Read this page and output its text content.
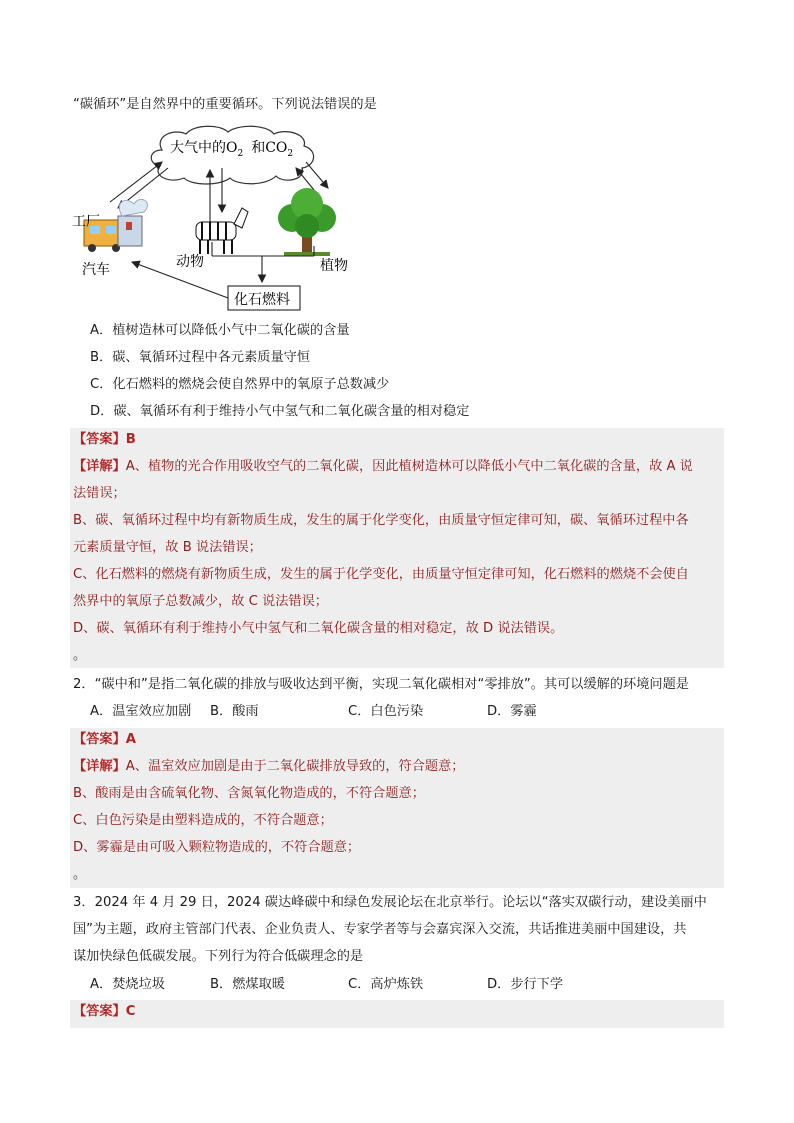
“碳循环”是自然界中的重要循环。下列说法错误的是
大气中的$O_2$ 和$CO_2$
工厂
汽车	动物	植物
化石燃料
A．植树造林可以降低小气中二氧化碳的含量
B．碳、氧循环过程中各元素质量守恒
C．化石燃料的燃烧会使自然界中的氧原子总数减少
D．碳、氧循环有利于维持小气中氢气和二氧化碳含量的相对稳定
【答案】B
【详解】A、植物的光合作用吸收空气的二氧化碳，因此植树造林可以降低小气中二氧化碳的含量，故 A 说
法错误；
B、碳、氧循环过程中均有新物质生成，发生的属于化学变化，由质量守恒定律可知，碳、氧循环过程中各
元素质量守恒，故 B 说法错误；
C、化石燃料的燃烧有新物质生成，发生的属于化学变化，由质量守恒定律可知，化石燃料的燃烧不会使自
然界中的氧原子总数减少，故 C 说法错误；
D、碳、氧循环有利于维持小气中氢气和二氧化碳含量的相对稳定，故 D 说法错误。
。
2．“碳中和”是指二氧化碳的排放与吸收达到平衡，实现二氧化碳相对“零排放”。其可以缓解的环境问题是
A．温室效应加剧 B．酸雨	C．白色污染	D．雾霾
【答案】A
【详解】A、温室效应加剧是由于二氧化碳排放导致的，符合题意；
B、酸雨是由含硫氧化物、含氮氧化物造成的，不符合题意；
C、白色污染是由塑料造成的，不符合题意；
D、雾霾是由可吸入颗粒物造成的，不符合题意；
。
3．2024 年 4 月 29 日，2024 碳达峰碳中和绿色发展论坛在北京举行。论坛以“落实双碳行动，建设美丽中
国”为主题，政府主管部门代表、企业负责人、专家学者等与会嘉宾深入交流，共话推进美丽中国建设，共
谋加快绿色低碳发展。下列行为符合低碳理念的是
A．焚烧垃圾	B．燃煤取暖	C．高炉炼铁	D．步行下学
【答案】C
